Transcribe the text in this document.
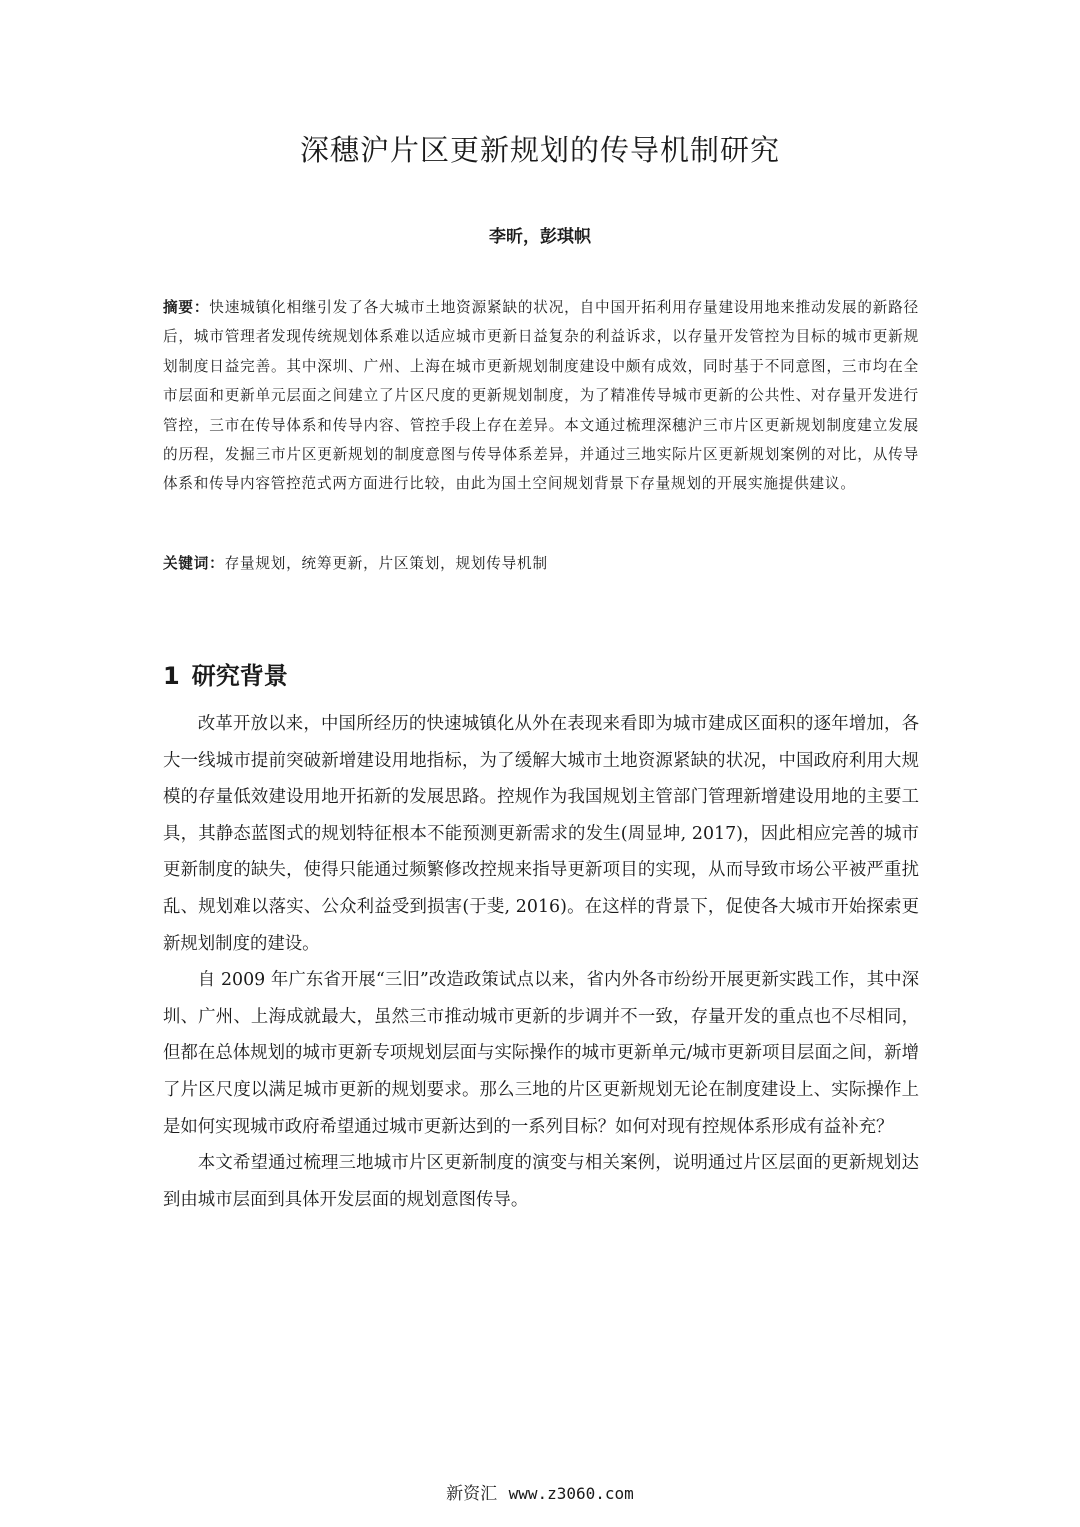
深穗沪片区更新规划的传导机制研究
李昕，彭琪帜
摘要：快速城镇化相继引发了各大城市土地资源紧缺的状况，自中国开拓利用存量建设用地来推动发展的新路径后，城市管理者发现传统规划体系难以适应城市更新日益复杂的利益诉求，以存量开发管控为目标的城市更新规划制度日益完善。其中深圳、广州、上海在城市更新规划制度建设中颇有成效，同时基于不同意图，三市均在全市层面和更新单元层面之间建立了片区尺度的更新规划制度，为了精准传导城市更新的公共性、对存量开发进行管控，三市在传导体系和传导内容、管控手段上存在差异。本文通过梳理深穗沪三市片区更新规划制度建立发展的历程，发掘三市片区更新规划的制度意图与传导体系差异，并通过三地实际片区更新规划案例的对比，从传导体系和传导内容管控范式两方面进行比较，由此为国土空间规划背景下存量规划的开展实施提供建议。
关键词：存量规划，统筹更新，片区策划，规划传导机制
1 研究背景

改革开放以来，中国所经历的快速城镇化从外在表现来看即为城市建成区面积的逐年增加，各大一线城市提前突破新增建设用地指标，为了缓解大城市土地资源紧缺的状况，中国政府利用大规模的存量低效建设用地开拓新的发展思路。控规作为我国规划主管部门管理新增建设用地的主要工具，其静态蓝图式的规划特征根本不能预测更新需求的发生(周显坤, 2017)，因此相应完善的城市更新制度的缺失，使得只能通过频繁修改控规来指导更新项目的实现，从而导致市场公平被严重扰乱、规划难以落实、公众利益受到损害(于斐, 2016)。在这样的背景下，促使各大城市开始探索更新规划制度的建设。

自 2009 年广东省开展“三旧”改造政策试点以来，省内外各市纷纷开展更新实践工作，其中深圳、广州、上海成就最大，虽然三市推动城市更新的步调并不一致，存量开发的重点也不尽相同，但都在总体规划的城市更新专项规划层面与实际操作的城市更新单元/城市更新项目层面之间，新增了片区尺度以满足城市更新的规划要求。那么三地的片区更新规划无论在制度建设上、实际操作上是如何实现城市政府希望通过城市更新达到的一系列目标？如何对现有控规体系形成有益补充？

本文希望通过梳理三地城市片区更新制度的演变与相关案例，说明通过片区层面的更新规划达到由城市层面到具体开发层面的规划意图传导。

新资汇 www.z3060.com
